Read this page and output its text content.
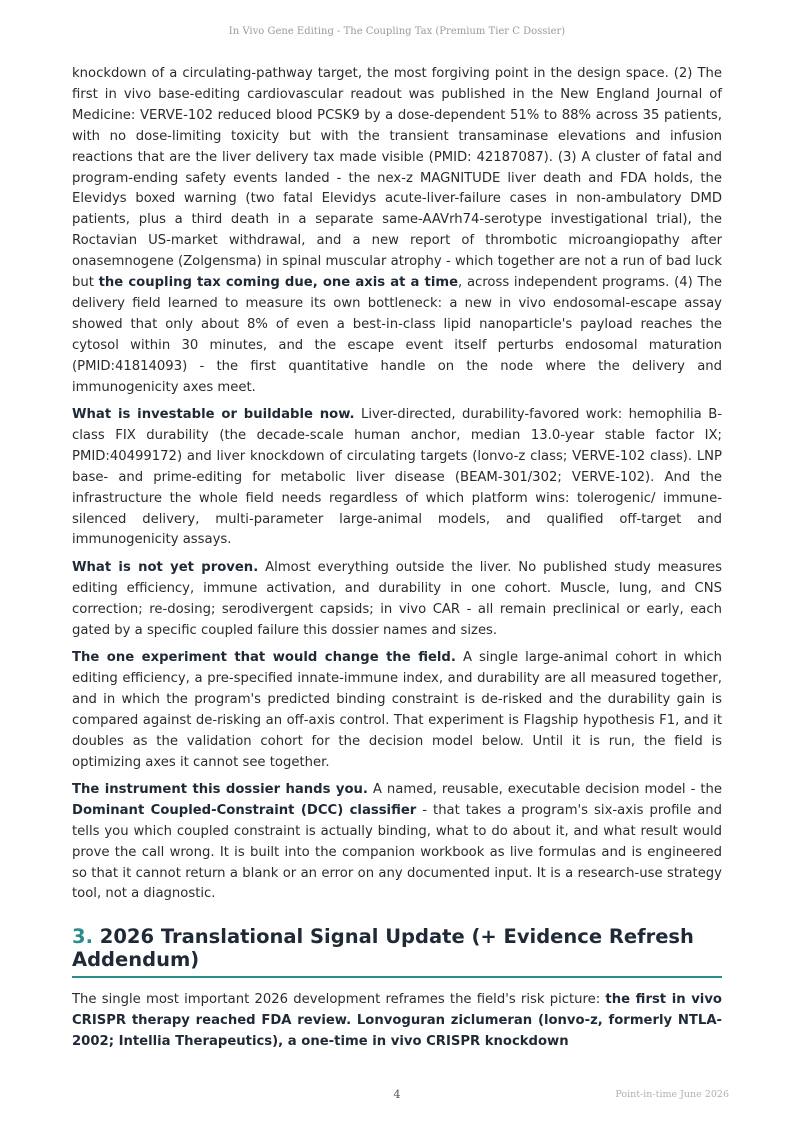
In Vivo Gene Editing - The Coupling Tax (Premium Tier C Dossier)

knockdown of a circulating-pathway target, the most forgiving point in the design space. (2) The first in vivo base-editing cardiovascular readout was published in the New England Journal of Medicine: VERVE-102 reduced blood PCSK9 by a dose-dependent 51% to 88% across 35 patients, with no dose-limiting toxicity but with the transient transaminase elevations and infusion reactions that are the liver delivery tax made visible (PMID: 42187087). (3) A cluster of fatal and program-ending safety events landed - the nex-z MAGNITUDE liver death and FDA holds, the Elevidys boxed warning (two fatal Elevidys acute-liver-failure cases in non-ambulatory DMD patients, plus a third death in a separate same-AAVrh74-serotype investigational trial), the Roctavian US-market withdrawal, and a new report of thrombotic microangiopathy after onasemnogene (Zolgensma) in spinal muscular atrophy - which together are not a run of bad luck but the coupling tax coming due, one axis at a time, across independent programs. (4) The delivery field learned to measure its own bottleneck: a new in vivo endosomal-escape assay showed that only about 8% of even a best-in-class lipid nanoparticle's payload reaches the cytosol within 30 minutes, and the escape event itself perturbs endosomal maturation (PMID:41814093) - the first quantitative handle on the node where the delivery and immunogenicity axes meet.

What is investable or buildable now. Liver-directed, durability-favored work: hemophilia B-class FIX durability (the decade-scale human anchor, median 13.0-year stable factor IX; PMID:40499172) and liver knockdown of circulating targets (lonvo-z class; VERVE-102 class). LNP base- and prime-editing for metabolic liver disease (BEAM-301/302; VERVE-102). And the infrastructure the whole field needs regardless of which platform wins: tolerogenic/ immune-silenced delivery, multi-parameter large-animal models, and qualified off-target and immunogenicity assays.

What is not yet proven. Almost everything outside the liver. No published study measures editing efficiency, immune activation, and durability in one cohort. Muscle, lung, and CNS correction; re-dosing; serodivergent capsids; in vivo CAR - all remain preclinical or early, each gated by a specific coupled failure this dossier names and sizes.

The one experiment that would change the field. A single large-animal cohort in which editing efficiency, a pre-specified innate-immune index, and durability are all measured together, and in which the program's predicted binding constraint is de-risked and the durability gain is compared against de-risking an off-axis control. That experiment is Flagship hypothesis F1, and it doubles as the validation cohort for the decision model below. Until it is run, the field is optimizing axes it cannot see together.

The instrument this dossier hands you. A named, reusable, executable decision model - the Dominant Coupled-Constraint (DCC) classifier - that takes a program's six-axis profile and tells you which coupled constraint is actually binding, what to do about it, and what result would prove the call wrong. It is built into the companion workbook as live formulas and is engineered so that it cannot return a blank or an error on any documented input. It is a research-use strategy tool, not a diagnostic.

3. 2026 Translational Signal Update (+ Evidence Refresh Addendum)

The single most important 2026 development reframes the field's risk picture: the first in vivo CRISPR therapy reached FDA review. Lonvoguran ziclumeran (lonvo-z, formerly NTLA-2002; Intellia Therapeutics), a one-time in vivo CRISPR knockdown

4	Point-in-time June 2026
